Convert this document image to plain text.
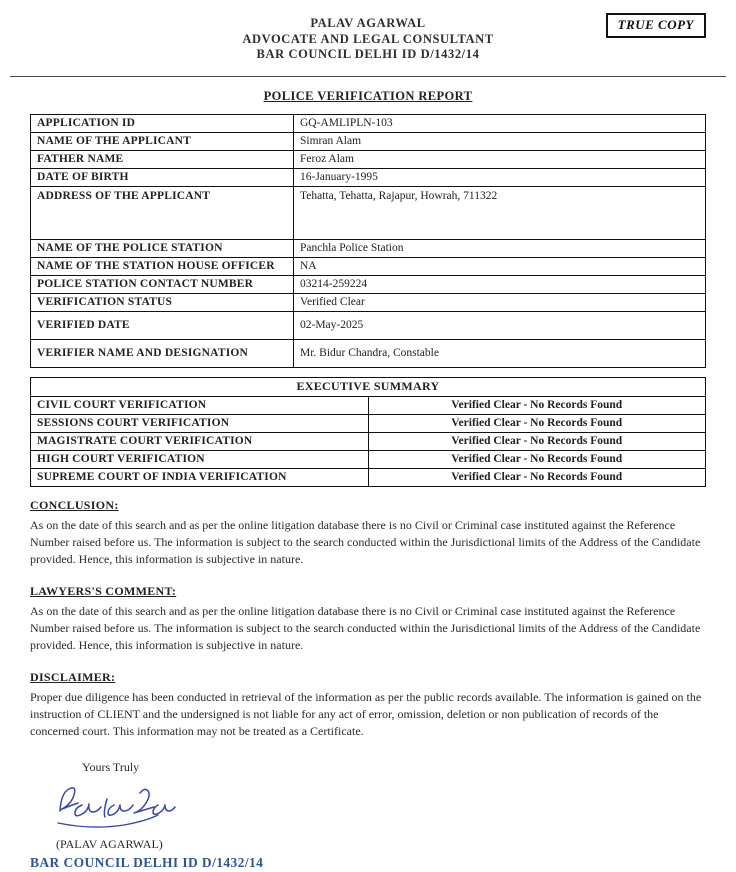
TRUE COPY
PALAV AGARWAL
ADVOCATE AND LEGAL CONSULTANT
BAR COUNCIL DELHI ID D/1432/14
POLICE VERIFICATION REPORT
APPLICATION ID	GQ-AMLIPLN-103
NAME OF THE APPLICANT	Simran Alam
FATHER NAME	Feroz Alam
DATE OF BIRTH	16-January-1995
ADDRESS OF THE APPLICANT	Tehatta, Tehatta, Rajapur, Howrah, 711322
NAME OF THE POLICE STATION	Panchla Police Station
NAME OF THE STATION HOUSE OFFICER	NA
POLICE STATION CONTACT NUMBER	03214-259224
VERIFICATION STATUS	Verified Clear
VERIFIED DATE	02-May-2025
VERIFIER NAME AND DESIGNATION	Mr. Bidur Chandra, Constable
EXECUTIVE SUMMARY	
CIVIL COURT VERIFICATION	Verified Clear - No Records Found
SESSIONS COURT VERIFICATION	Verified Clear - No Records Found
MAGISTRATE COURT VERIFICATION	Verified Clear - No Records Found
HIGH COURT VERIFICATION	Verified Clear - No Records Found
SUPREME COURT OF INDIA VERIFICATION	Verified Clear - No Records Found
CONCLUSION:
As on the date of this search and as per the online litigation database there is no Civil or Criminal case instituted against the Reference Number raised before us. The information is subject to the search conducted within the Jurisdictional limits of the Address of the Candidate provided. Hence, this information is subjective in nature.
LAWYERS'S COMMENT:
As on the date of this search and as per the online litigation database there is no Civil or Criminal case instituted against the Reference Number raised before us. The information is subject to the search conducted within the Jurisdictional limits of the Address of the Candidate provided. Hence, this information is subjective in nature.
DISCLAIMER:
Proper due diligence has been conducted in retrieval of the information as per the public records available. The information is gained on the instruction of CLIENT and the undersigned is not liable for any act of error, omission, deletion or non publication of records of the concerned court. This information may not be treated as a Certificate.
Yours Truly
(PALAV AGARWAL)
BAR COUNCIL DELHI ID D/1432/14
